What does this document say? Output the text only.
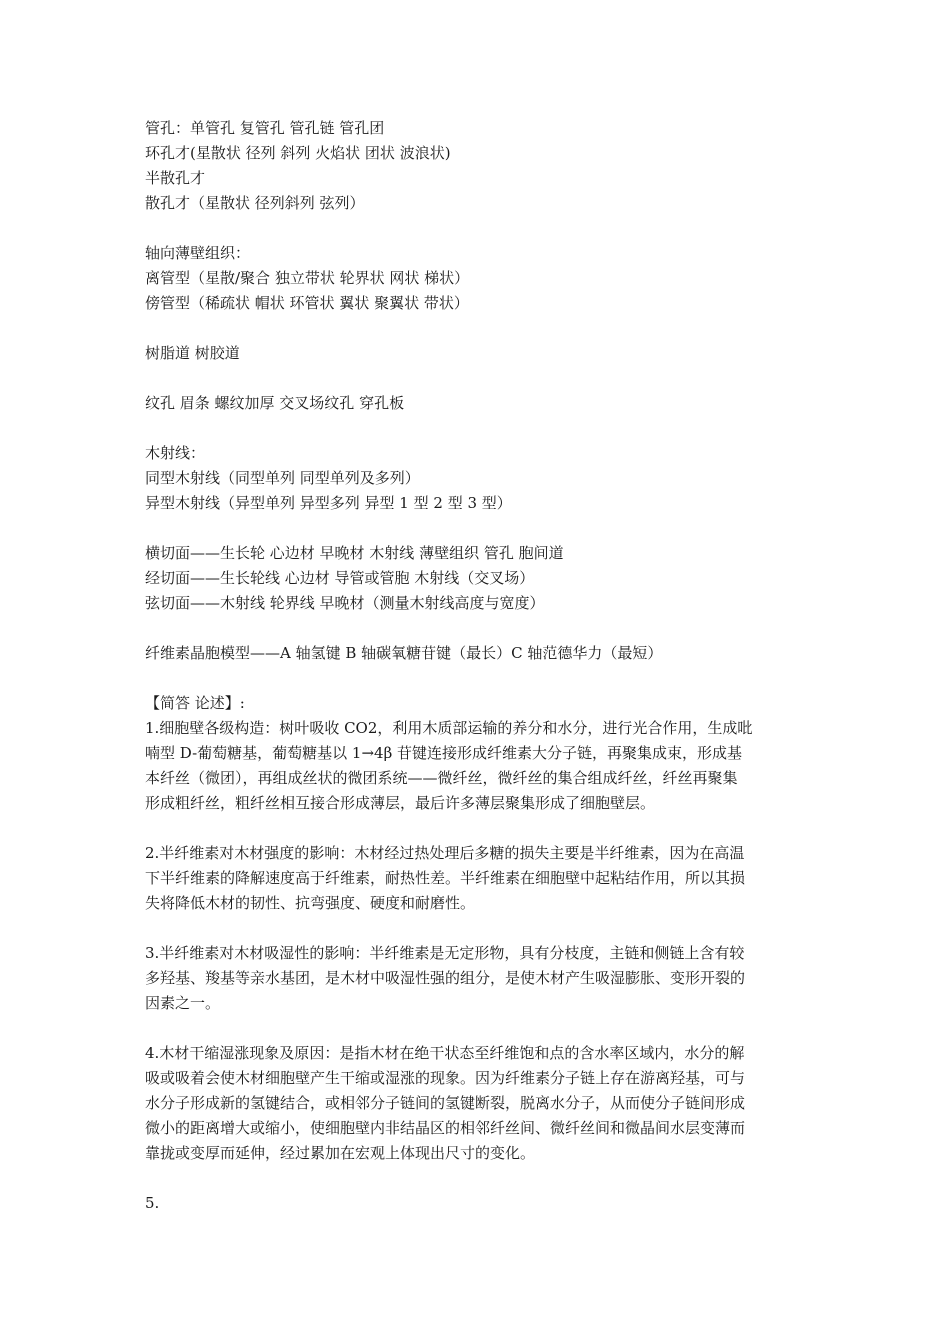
管孔：单管孔 复管孔 管孔链 管孔团
环孔才(星散状 径列 斜列 火焰状 团状 波浪状)
半散孔才
散孔才（星散状 径列斜列 弦列）
轴向薄壁组织：
离管型（星散/聚合 独立带状 轮界状 网状 梯状）
傍管型（稀疏状 帽状 环管状 翼状 聚翼状 带状）
树脂道 树胶道
纹孔 眉条 螺纹加厚 交叉场纹孔 穿孔板
木射线：
同型木射线（同型单列 同型单列及多列）
异型木射线（异型单列 异型多列 异型 1 型 2 型 3 型）
横切面——生长轮 心边材 早晚材 木射线 薄壁组织 管孔 胞间道
经切面——生长轮线 心边材 导管或管胞 木射线（交叉场）
弦切面——木射线 轮界线 早晚材（测量木射线高度与宽度）
纤维素晶胞模型——A 轴氢键 B 轴碳氧糖苷键（最长）C 轴范德华力（最短）
【简答 论述】:
1.细胞壁各级构造：树叶吸收 CO2，利用木质部运输的养分和水分，进行光合作用，生成吡
喃型 D-葡萄糖基，葡萄糖基以 1→4β 苷键连接形成纤维素大分子链，再聚集成束，形成基
本纤丝（微团），再组成丝状的微团系统——微纤丝，微纤丝的集合组成纤丝，纤丝再聚集
形成粗纤丝，粗纤丝相互接合形成薄层，最后许多薄层聚集形成了细胞壁层。
2.半纤维素对木材强度的影响：木材经过热处理后多糖的损失主要是半纤维素，因为在高温
下半纤维素的降解速度高于纤维素，耐热性差。半纤维素在细胞壁中起粘结作用，所以其损
失将降低木材的韧性、抗弯强度、硬度和耐磨性。
3.半纤维素对木材吸湿性的影响：半纤维素是无定形物，具有分枝度，主链和侧链上含有较
多羟基、羧基等亲水基团，是木材中吸湿性强的组分，是使木材产生吸湿膨胀、变形开裂的
因素之一。
4.木材干缩湿涨现象及原因：是指木材在绝干状态至纤维饱和点的含水率区域内，水分的解
吸或吸着会使木材细胞壁产生干缩或湿涨的现象。因为纤维素分子链上存在游离羟基，可与
水分子形成新的氢键结合，或相邻分子链间的氢键断裂，脱离水分子，从而使分子链间形成
微小的距离增大或缩小，使细胞壁内非结晶区的相邻纤丝间、微纤丝间和微晶间水层变薄而
靠拢或变厚而延伸，经过累加在宏观上体现出尺寸的变化。
5.
